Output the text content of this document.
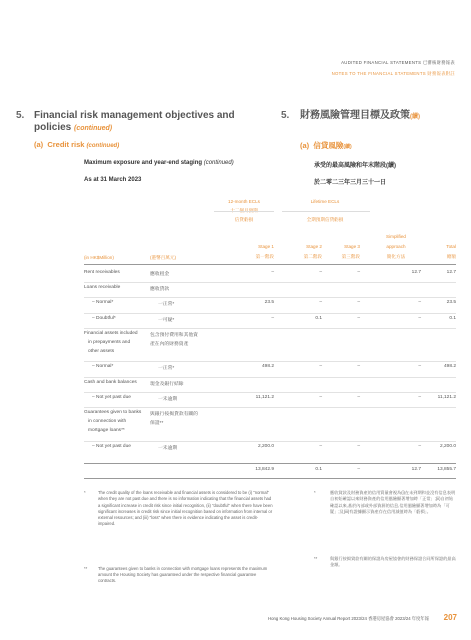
AUDITED FINANCIAL STATEMENTS 已審核財務報表
NOTES TO THE FINANCIAL STATEMENTS 財務報表附註
5. Financial risk management objectives and
policies (continued)
5. 財務風險管理目標及政策(續)
(a) Credit risk (continued)	(a) 信貸風險(續)
Maximum exposure and year-end staging (continued)	承受的最高風險和年末階段(續)
As at 31 March 2023	於二零二三年三月三十一日
12-month ECLs
十二個月預期
信貸虧損
Lifetime ECLs
全期預期信貸虧損
Simplified
approach
簡化方法
(in HK$Million)	(港幣百萬元)
Stage 1
第一階段
Stage 2
第二階段
Stage 3
第三階段
Total
總額
Rent receivables	應收租金	–	–	–	12.7	12.7
Loans receivable	應收貸款
– Normal*	一正常*	23.5	–	–	–	23.5
– Doubtful*	一可疑*	–	0.1	–	–	0.1
Financial assets included
in prepayments and
other assets
包含預付費用和其他資
產在內的財務資產
– Normal*	一正常*	498.2	–	–	–	498.2
Cash and bank balances	現金及銀行結餘
– Not yet past due	一未逾期	11,121.2	–	–	–	11,121.2
Guarantees given to banks
in connection with
mortgage loans**
與銀行按揭貸款有關的
保證**
– Not yet past due	一未逾期	2,200.0	–	–	–	2,200.0
13,842.9	0.1	–	12.7	13,855.7
*	The credit quality of the loans receivable and financial assets is considered to be (i) "normal" when they are not past due and there is no information indicating that the financial assets had a significant increase in credit risk since initial recognition, (ii) "doubtful" when there have been significant increases in credit risk since initial recognition based on information from internal or external resources; and (iii) "loss" when there is evidence indicating the asset is credit-impaired.
**	The guarantees given to banks in connection with mortgage loans represents the maximum amount the Housing Society has guaranteed under the respective financial guarantee contracts.
*	應收貸款及財務資產的信用質量會視為(i)在未到期和並沒有信息表明自初始確認以來財務資產的信用風險顯著增加時「正常」;(ii)自初始確認以來,基於內部或外部資源的信息,信用風險顯著增加時為「可疑」;及(iii)有證據顯示資產存在信用減值時為「虧損」。
**	與銀行按揭貸款有關的保證為房屋協會的財務保證合同所保證的最高金額。
Hong Kong Housing Society Annual Report 2023/24 香港房屋協會 2023/24 年度年報 207
